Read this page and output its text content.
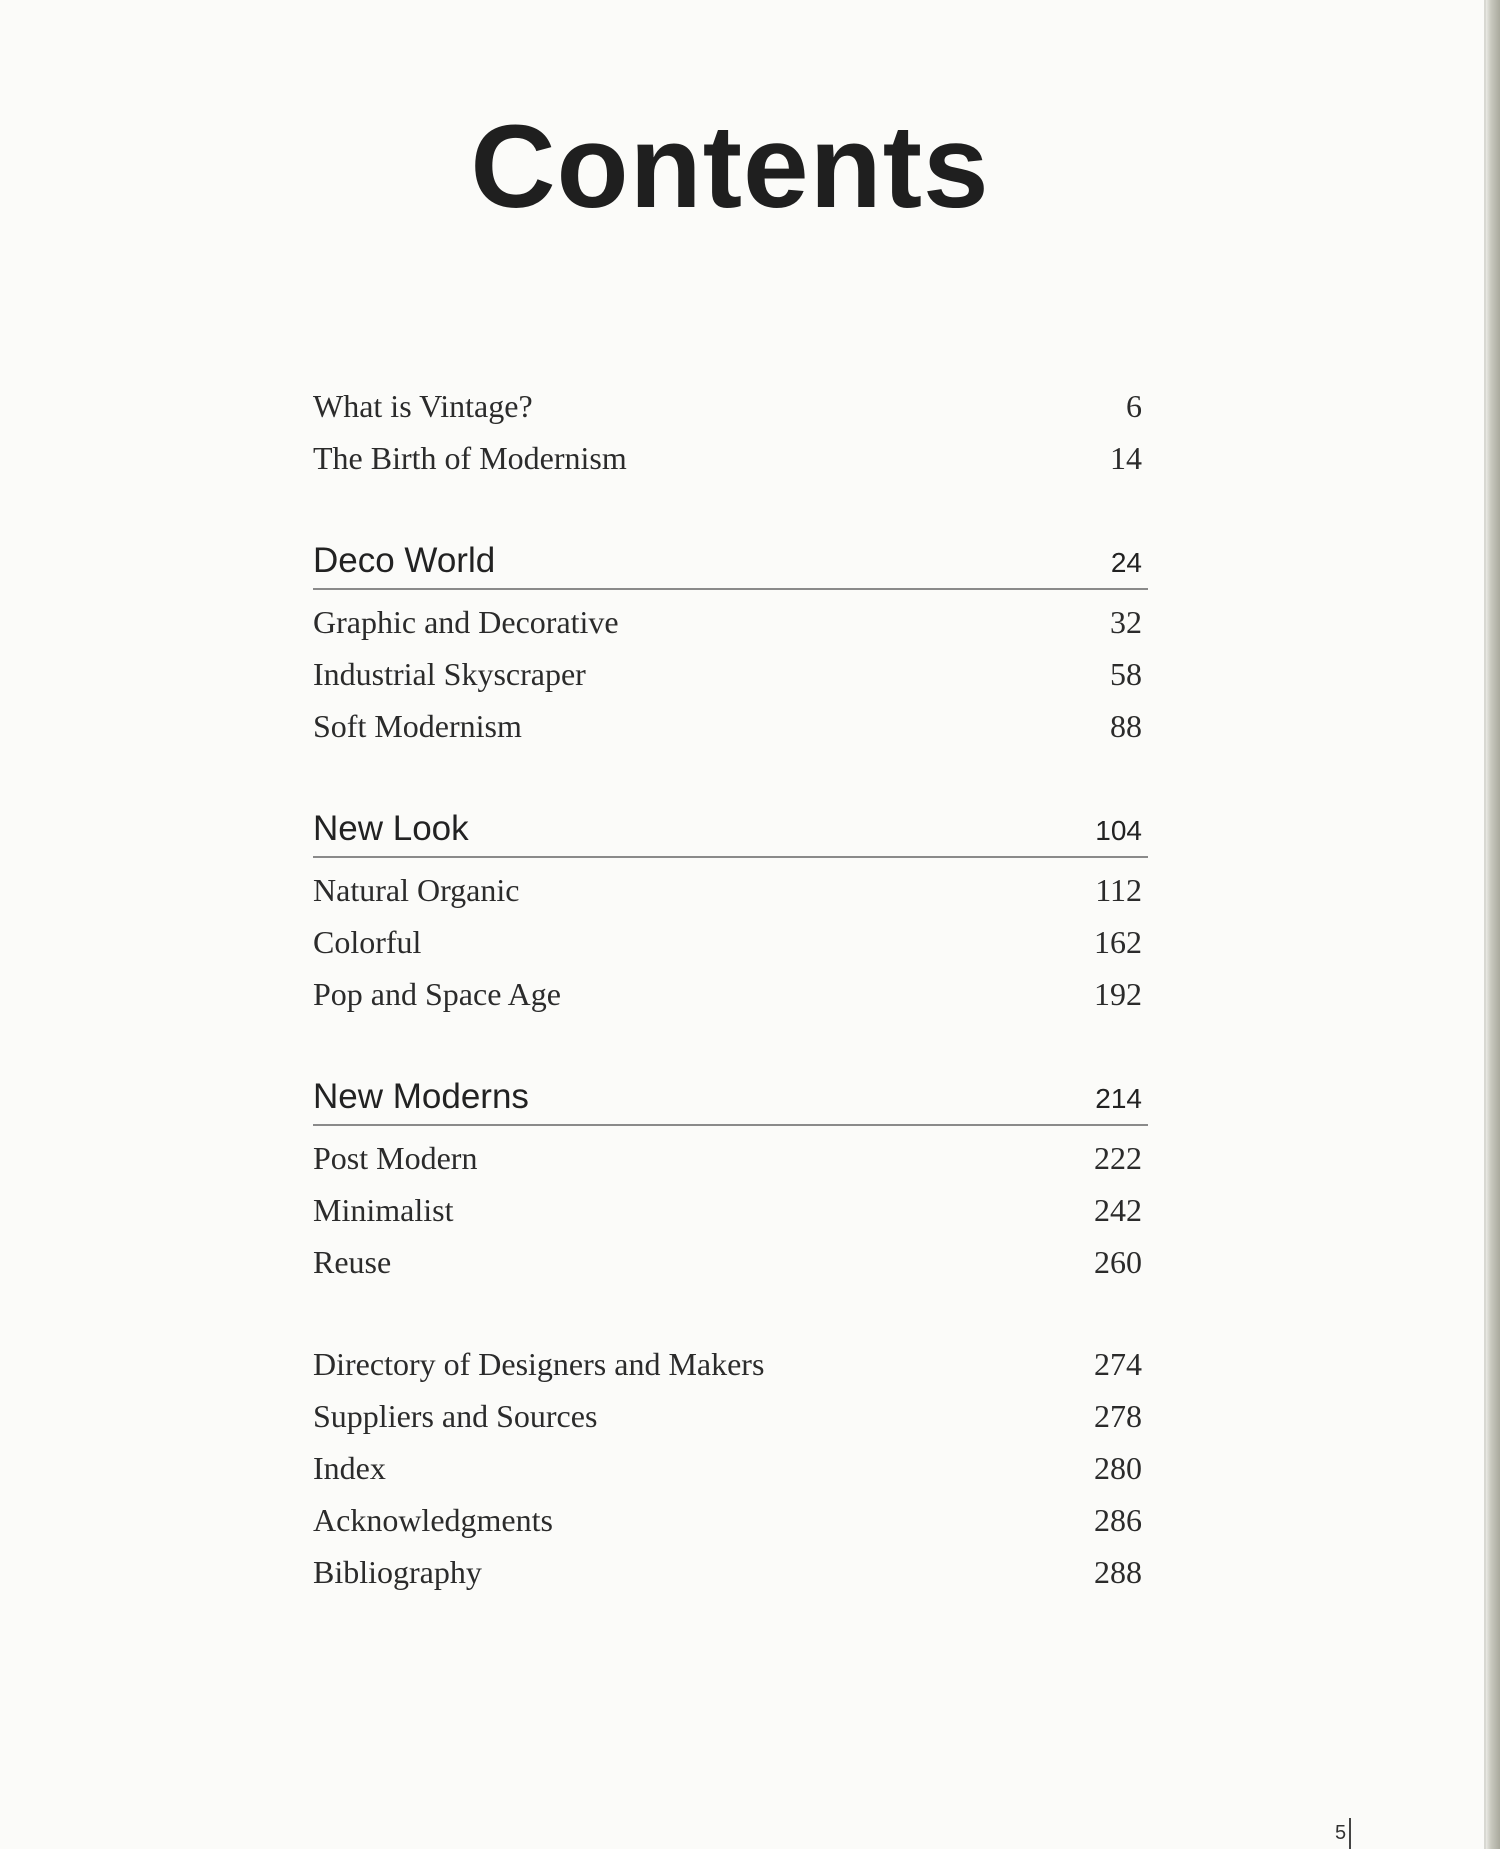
Contents
What is Vintage?	6
The Birth of Modernism	14
Deco World	24
Graphic and Decorative	32
Industrial Skyscraper	58
Soft Modernism	88
New Look	104
Natural Organic	112
Colorful	162
Pop and Space Age	192
New Moderns	214
Post Modern	222
Minimalist	242
Reuse	260
Directory of Designers and Makers	274
Suppliers and Sources	278
Index	280
Acknowledgments	286
Bibliography	288
5
